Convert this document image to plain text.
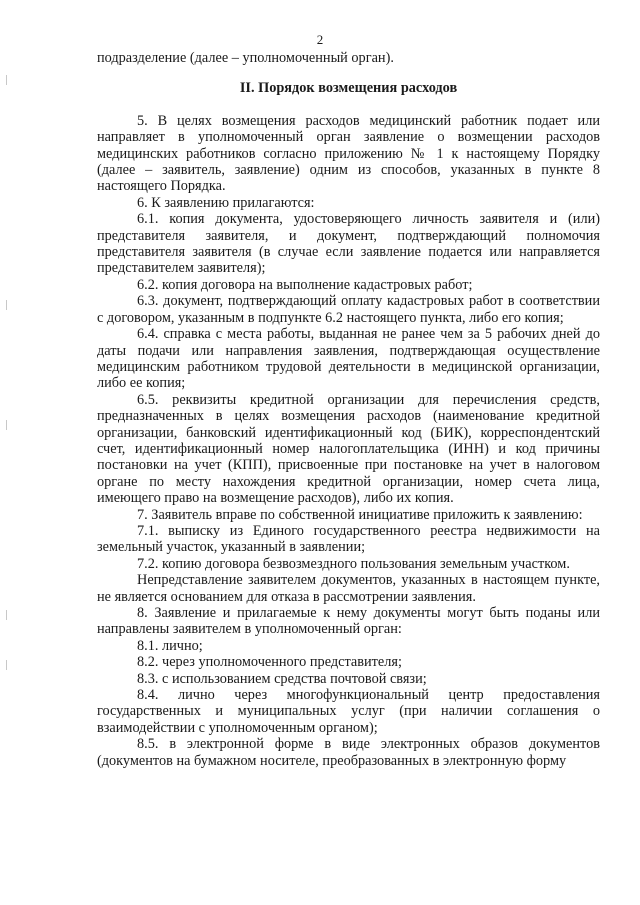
2

подразделение (далее – уполномоченный орган).

II. Порядок возмещения расходов

5. В целях возмещения расходов медицинский работник подает или направляет в уполномоченный орган заявление о возмещении расходов медицинских работников согласно приложению № 1 к настоящему Порядку (далее – заявитель, заявление) одним из способов, указанных в пункте 8 настоящего Порядка.

6. К заявлению прилагаются:

6.1. копия документа, удостоверяющего личность заявителя и (или) представителя заявителя, и документ, подтверждающий полномочия представителя заявителя (в случае если заявление подается или направляется представителем заявителя);

6.2. копия договора на выполнение кадастровых работ;

6.3. документ, подтверждающий оплату кадастровых работ в соответствии с договором, указанным в подпункте 6.2 настоящего пункта, либо его копия;

6.4. справка с места работы, выданная не ранее чем за 5 рабочих дней до даты подачи или направления заявления, подтверждающая осуществление медицинским работником трудовой деятельности в медицинской организации, либо ее копия;

6.5. реквизиты кредитной организации для перечисления средств, предназначенных в целях возмещения расходов (наименование кредитной организации, банковский идентификационный код (БИК), корреспондентский счет, идентификационный номер налогоплательщика (ИНН) и код причины постановки на учет (КПП), присвоенные при постановке на учет в налоговом органе по месту нахождения кредитной организации, номер счета лица, имеющего право на возмещение расходов), либо их копия.

7. Заявитель вправе по собственной инициативе приложить к заявлению:

7.1. выписку из Единого государственного реестра недвижимости на земельный участок, указанный в заявлении;

7.2. копию договора безвозмездного пользования земельным участком.

Непредставление заявителем документов, указанных в настоящем пункте, не является основанием для отказа в рассмотрении заявления.

8. Заявление и прилагаемые к нему документы могут быть поданы или направлены заявителем в уполномоченный орган:

8.1. лично;

8.2. через уполномоченного представителя;

8.3. с использованием средства почтовой связи;

8.4. лично через многофункциональный центр предоставления государственных и муниципальных услуг (при наличии соглашения о взаимодействии с уполномоченным органом);

8.5. в электронной форме в виде электронных образов документов (документов на бумажном носителе, преобразованных в электронную форму
